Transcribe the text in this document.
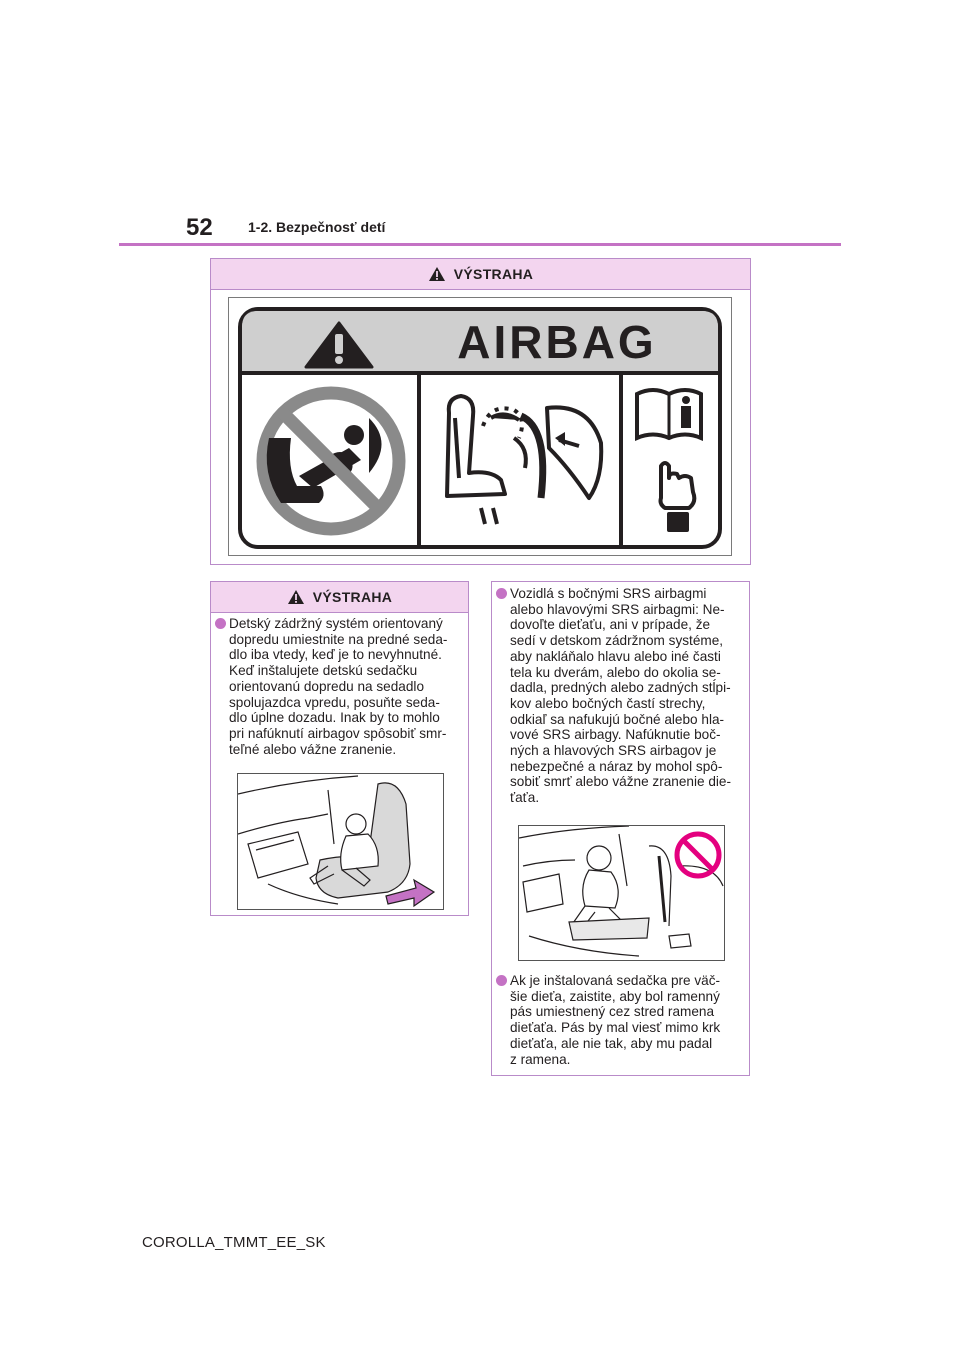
52	1-2. Bezpečnosť detí
VÝSTRAHA
AIRBAG
VÝSTRAHA
Detský zádržný systém orientovaný
dopredu umiestnite na predné seda-
dlo iba vtedy, keď je to nevyhnutné.
Keď inštalujete detskú sedačku
orientovanú dopredu na sedadlo
spolujazdca vpredu, posuňte seda-
dlo úplne dozadu. Inak by to mohlo
pri nafúknutí airbagov spôsobiť smr-
teľné alebo vážne zranenie.
Vozidlá s bočnými SRS airbagmi
alebo hlavovými SRS airbagmi: Ne-
dovoľte dieťaťu, ani v prípade, že
sedí v detskom zádržnom systéme,
aby nakláňalo hlavu alebo iné časti
tela ku dverám, alebo do okolia se-
dadla, predných alebo zadných stĺpi-
kov alebo bočných častí strechy,
odkiaľ sa nafukujú bočné alebo hla-
vové SRS airbagy. Nafúknutie boč-
ných a hlavových SRS airbagov je
nebezpečné a náraz by mohol spô-
sobiť smrť alebo vážne zranenie die-
ťaťa.
Ak je inštalovaná sedačka pre väč-
šie dieťa, zaistite, aby bol ramenný
pás umiestnený cez stred ramena
dieťaťa. Pás by mal viesť mimo krk
dieťaťa, ale nie tak, aby mu padal
z ramena.
COROLLA_TMMT_EE_SK
